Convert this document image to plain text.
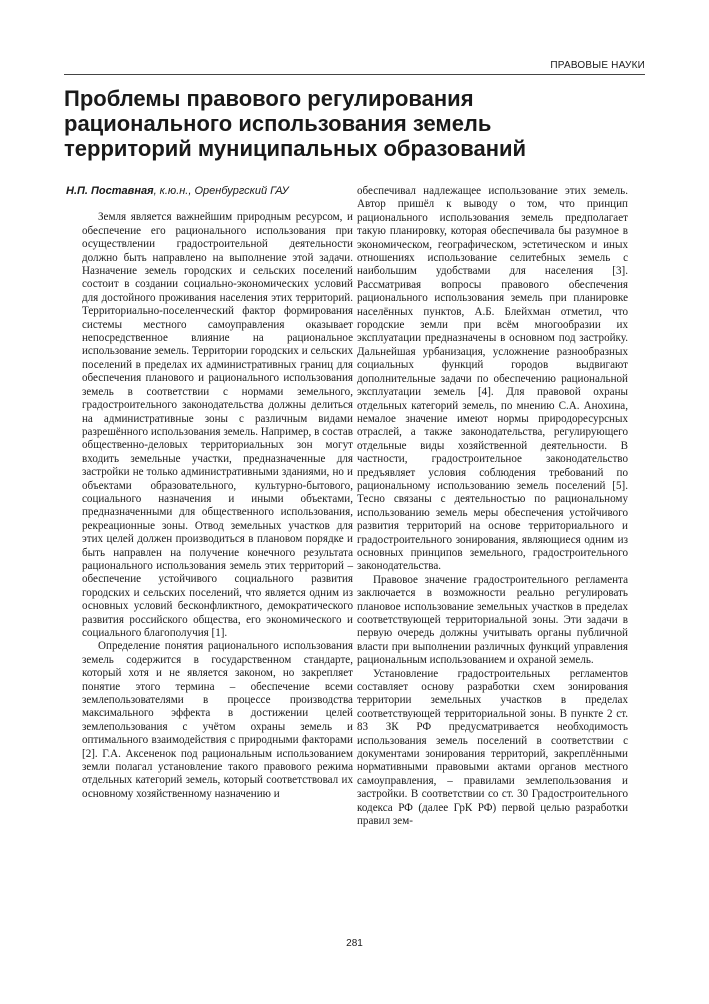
ПРАВОВЫЕ НАУКИ
Проблемы правового регулирования рационального использования земель территорий муниципальных образований
Н.П. Поставная, к.ю.н., Оренбургский ГАУ

Земля является важнейшим природным ресурсом, и обеспечение его рационального использования при осуществлении градостроительной деятельности должно быть направлено на выполнение этой задачи. Назначение земель городских и сельских поселений состоит в создании социально-экономических условий для достойного проживания населения этих территорий. Территориально-поселенческий фактор формирования системы местного самоуправления оказывает непосредственное влияние на рациональное использование земель. Территории городских и сельских поселений в пределах их административных границ для обеспечения планового и рационального использования земель в соответствии с нормами земельного, градостроительного законодательства должны делиться на административные зоны с различным видами разрешённого использования земель. Например, в состав общественно-деловых территориальных зон могут входить земельные участки, предназначенные для застройки не только административными зданиями, но и объектами образовательного, культурно-бытового, социального назначения и иными объектами, предназначенными для общественного использования, рекреационные зоны. Отвод земельных участков для этих целей должен производиться в плановом порядке и быть направлен на получение конечного результата рационального использования земель этих территорий – обеспечение устойчивого социального развития городских и сельских поселений, что является одним из основных условий бесконфликтного, демократического развития российского общества, его экономического и социального благополучия [1].

Определение понятия рационального использования земель содержится в государственном стандарте, который хотя и не является законом, но закрепляет понятие этого термина – обеспечение всеми землепользователями в процессе производства максимального эффекта в достижении целей землепользования с учётом охраны земель и оптимального взаимодействия с природными факторами [2]. Г.А. Аксененок под рациональным использованием земли полагал установление такого правового режима отдельных категорий земель, который соответствовал их основному хозяйственному назначению и

обеспечивал надлежащее использование этих земель. Автор пришёл к выводу о том, что принцип рационального использования земель предполагает такую планировку, которая обеспечивала бы разумное в экономическом, географическом, эстетическом и иных отношениях использование селитебных земель с наибольшим удобствами для населения [3]. Рассматривая вопросы правового обеспечения рационального использования земель при планировке населённых пунктов, А.Б. Блейхман отметил, что городские земли при всём многообразии их эксплуатации предназначены в основном под застройку. Дальнейшая урбанизация, усложнение разнообразных социальных функций городов выдвигают дополнительные задачи по обеспечению рациональной эксплуатации земель [4]. Для правовой охраны отдельных категорий земель, по мнению С.А. Анохина, немалое значение имеют нормы природоресурсных отраслей, а также законодательства, регулирующего отдельные виды хозяйственной деятельности. В частности, градостроительное законодательство предъявляет условия соблюдения требований по рациональному использованию земель поселений [5]. Тесно связаны с деятельностью по рациональному использованию земель меры обеспечения устойчивого развития территорий на основе территориального и градостроительного зонирования, являющиеся одним из основных принципов земельного, градостроительного законодательства.

Правовое значение градостроительного регламента заключается в возможности реально регулировать плановое использование земельных участков в пределах соответствующей территориальной зоны. Эти задачи в первую очередь должны учитывать органы публичной власти при выполнении различных функций управления рациональным использованием и охраной земель.

Установление градостроительных регламентов составляет основу разработки схем зонирования территории земельных участков в пределах соответствующей территориальной зоны. В пункте 2 ст. 83 ЗК РФ предусматривается необходимость использования земель поселений в соответствии с документами зонирования территорий, закреплёнными нормативными правовыми актами органов местного самоуправления, – правилами землепользования и застройки. В соответствии со ст. 30 Градостроительного кодекса РФ (далее ГрК РФ) первой целью разработки правил зем-

281
